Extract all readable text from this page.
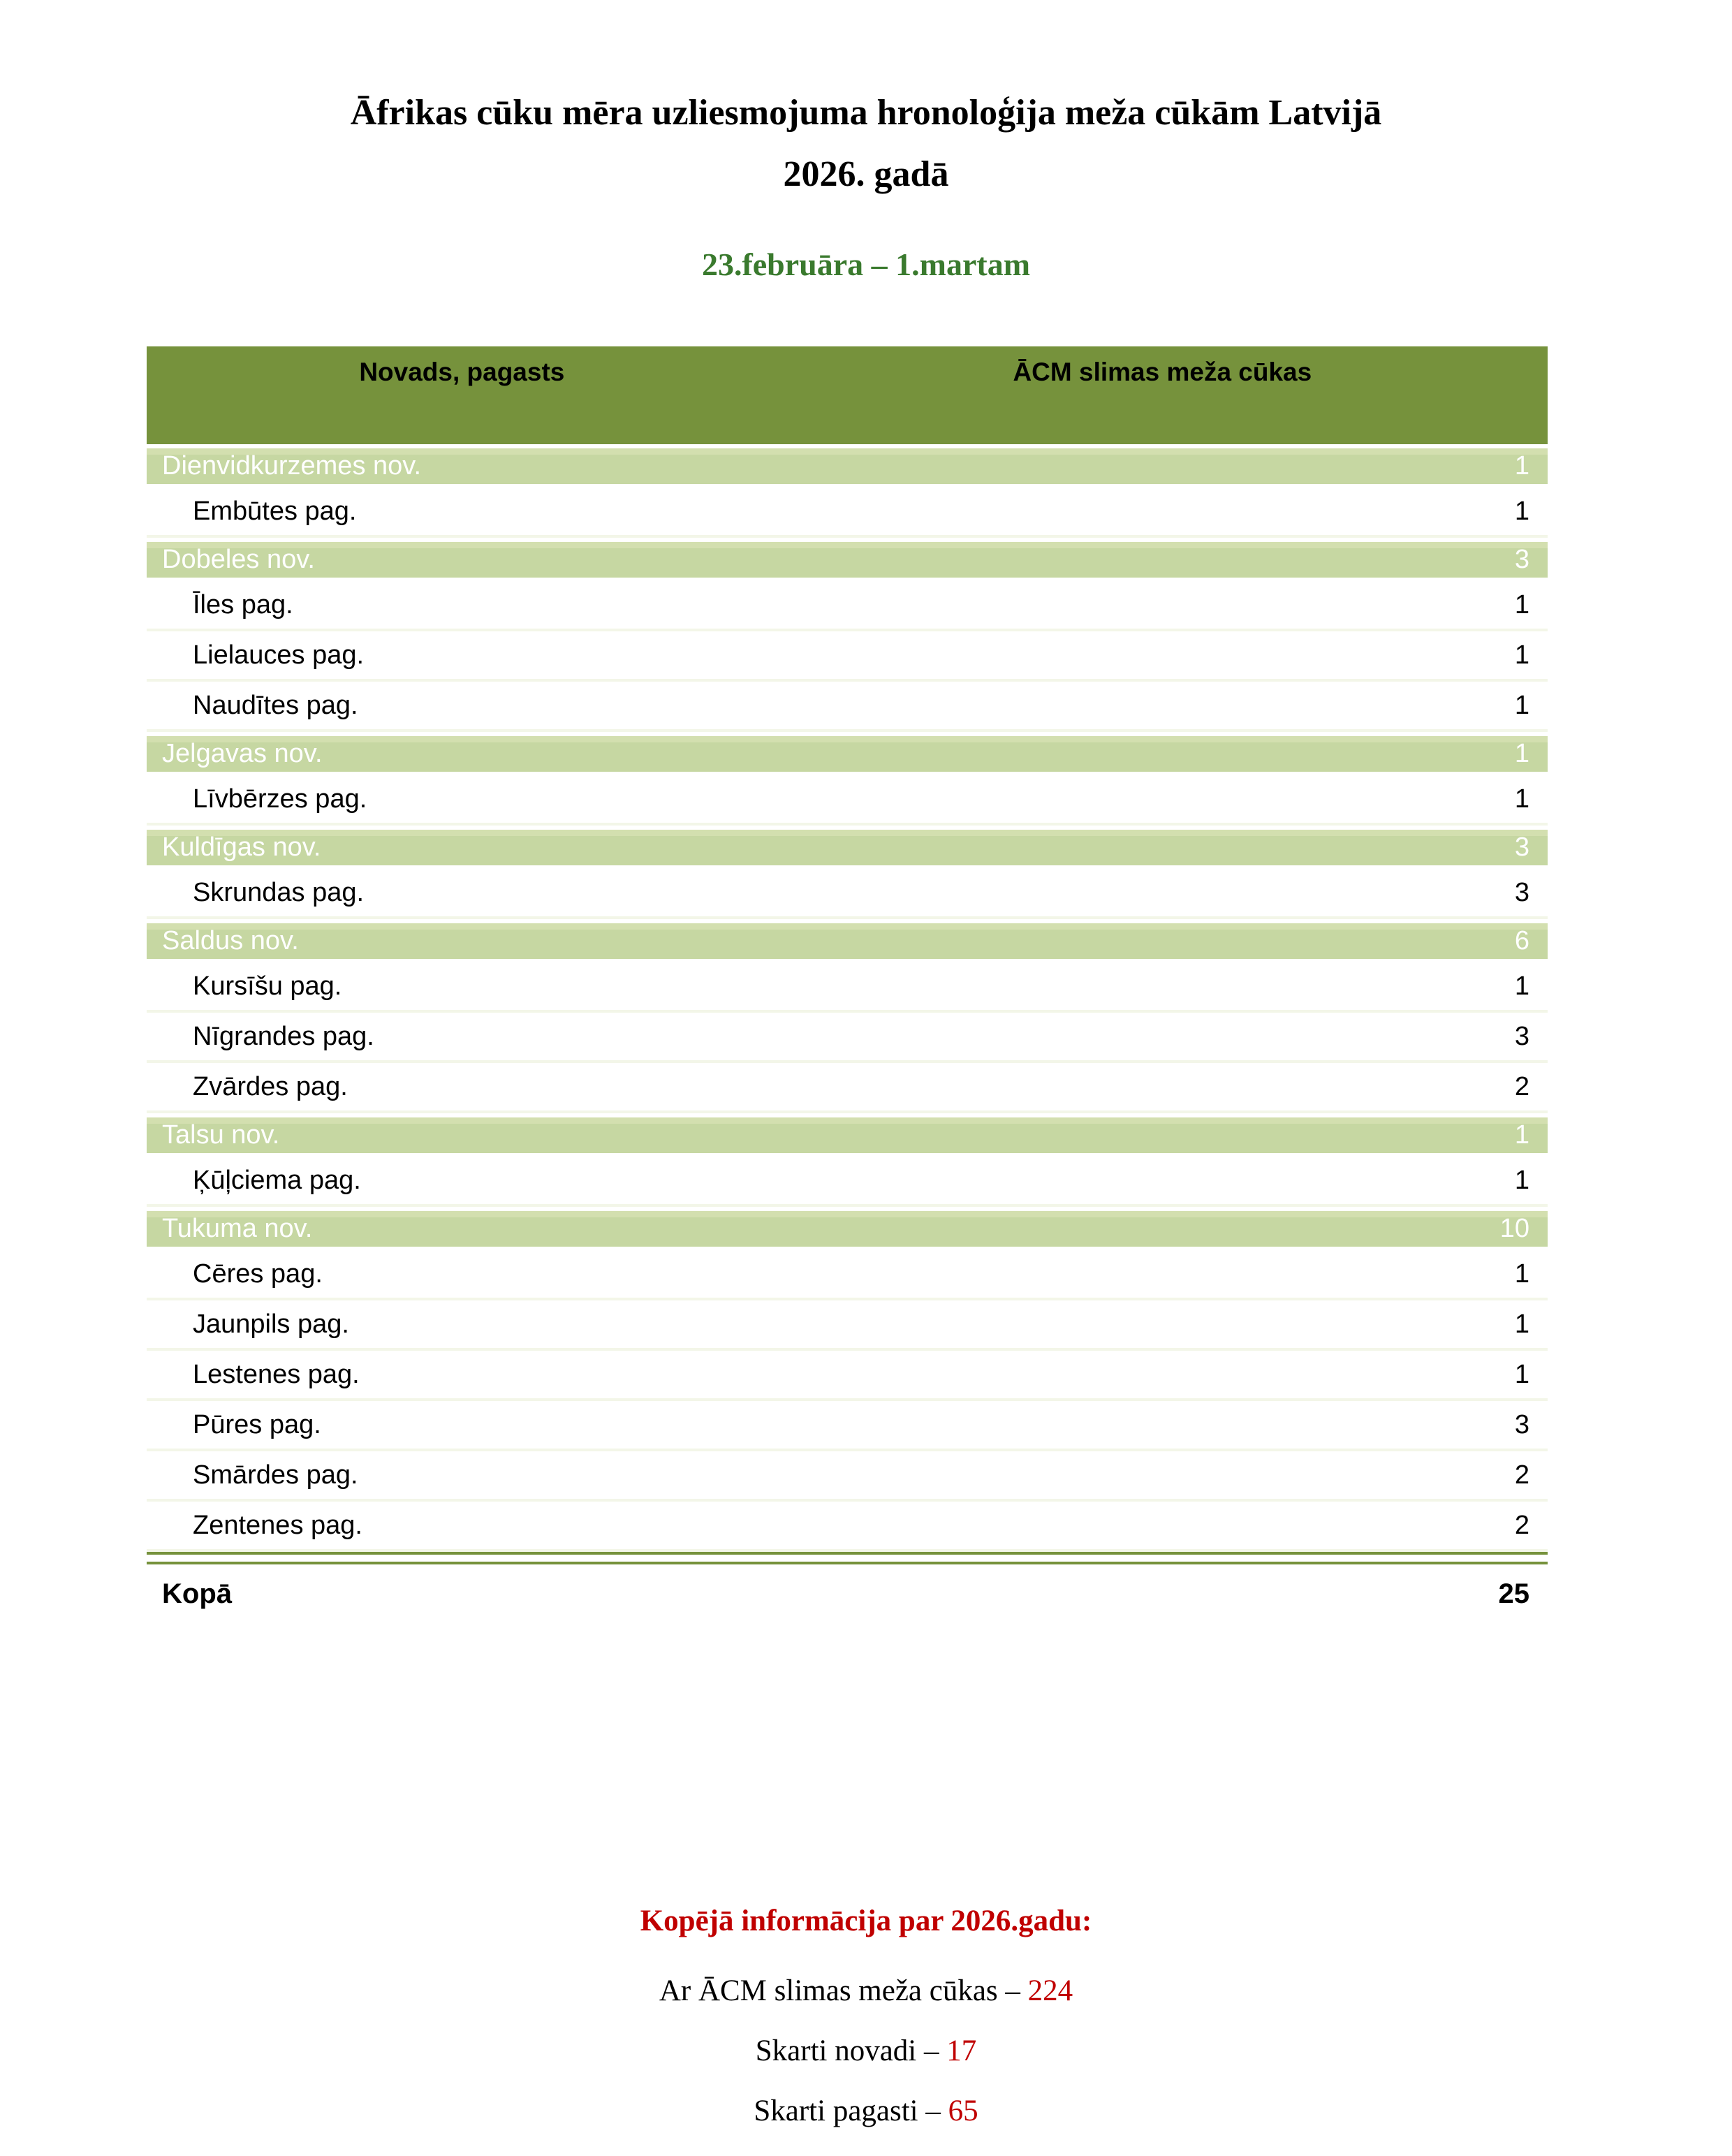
Āfrikas cūku mēra uzliesmojuma hronoloģija meža cūkām Latvijā
2026. gadā
23.februāra – 1.martam
Novads, pagasts	ĀCM slimas meža cūkas
Dienvidkurzemes nov.	1
Embūtes pag.	1
Dobeles nov.	3
Īles pag.	1
Lielauces pag.	1
Naudītes pag.	1
Jelgavas nov.	1
Līvbērzes pag.	1
Kuldīgas nov.	3
Skrundas pag.	3
Saldus nov.	6
Kursīšu pag.	1
Nīgrandes pag.	3
Zvārdes pag.	2
Talsu nov.	1
Ķūļciema pag.	1
Tukuma nov.	10
Cēres pag.	1
Jaunpils pag.	1
Lestenes pag.	1
Pūres pag.	3
Smārdes pag.	2
Zentenes pag.	2
Kopā	25
Kopējā informācija par 2026.gadu:
Ar ĀCM slimas meža cūkas – 224
Skarti novadi – 17
Skarti pagasti – 65
